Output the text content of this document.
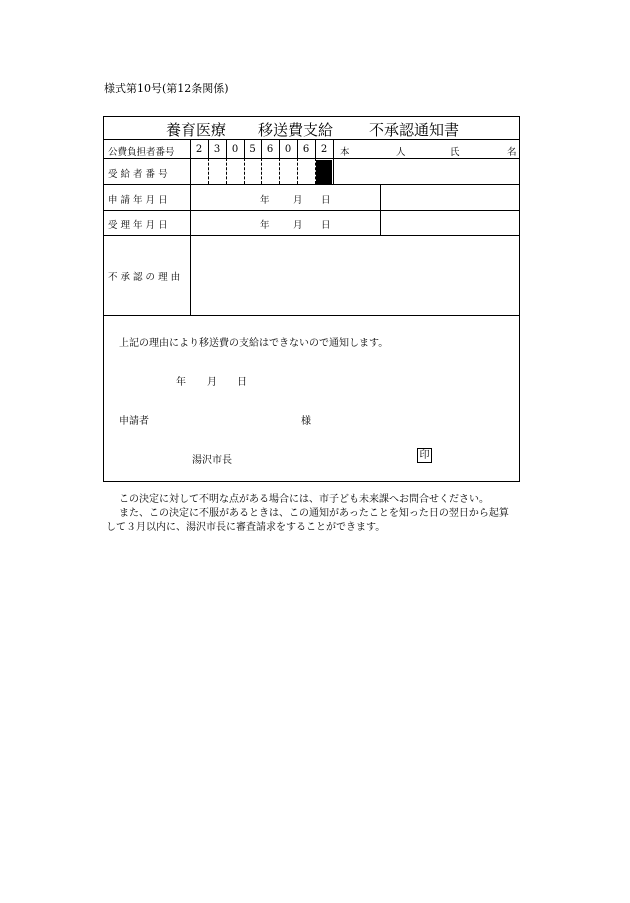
様式第10号(第12条関係)
養育医療 移送費支給 不承認通知書
公費負担者番号	2	3	0	5	6	0	6	2	本	人	氏	名
受 給 者 番 号
申 請 年 月 日	年 月 日
受 理 年 月 日	年 月 日
不 承 認 の 理 由
上記の理由により移送費の支給はできないので通知します。
年 月 日
申請者	様
湯沢市長	印
この決定に対して不明な点がある場合には、市子ども未来課へお問合せください。
また、この決定に不服があるときは、この通知があったことを知った日の翌日から起算
して３月以内に、湯沢市長に審査請求をすることができます。
